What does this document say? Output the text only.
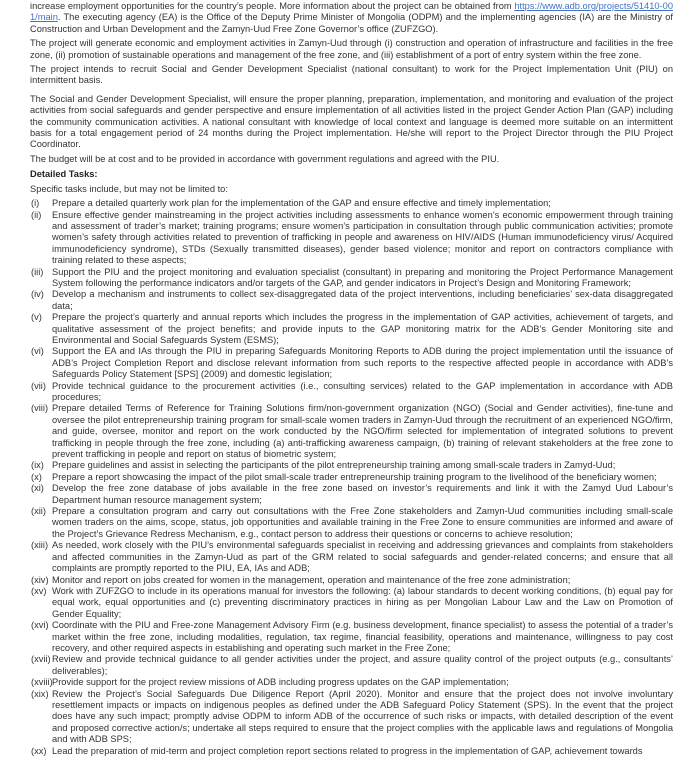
increase employment opportunities for the country’s people. More information about the project can be obtained from https://www.adb.org/projects/51410-001/main. The executing agency (EA) is the Office of the Deputy Prime Minister of Mongolia (ODPM) and the implementing agencies (IA) are the Ministry of Construction and Urban Development and the Zamyn-Uud Free Zone Governor’s office (ZUFZGO).

The project will generate economic and employment activities in Zamyn-Uud through (i) construction and operation of infrastructure and facilities in the free zone, (ii) promotion of sustainable operations and management of the free zone, and (iii) establishment of a port of entry system within the free zone.

The project intends to recruit Social and Gender Development Specialist (national consultant) to work for the Project Implementation Unit (PIU) on intermittent basis.

The Social and Gender Development Specialist, will ensure the proper planning, preparation, implementation, and monitoring and evaluation of the project activities from social safeguards and gender perspective and ensure implementation of all activities listed in the project Gender Action Plan (GAP) including the community communication activities. A national consultant with knowledge of local context and language is deemed more suitable on an intermittent basis for a total engagement period of 24 months during the Project implementation. He/she will report to the Project Director through the PIU Project Coordinator.

The budget will be at cost and to be provided in accordance with government regulations and agreed with the PIU.

Detailed Tasks:

Specific tasks include, but may not be limited to:

(i) Prepare a detailed quarterly work plan for the implementation of the GAP and ensure effective and timely implementation;
(ii) Ensure effective gender mainstreaming in the project activities including assessments to enhance women’s economic empowerment through training and assessment of trader’s market; training programs; ensure women’s participation in consultation through public communication activities; promote women’s safety through activities related to prevention of trafficking in people and awareness on HIV/AIDS (Human immunodeficiency virus/ Acquired immunodeficiency syndrome), STDs (Sexually transmitted diseases), gender based violence; monitor and report on contractors compliance with training related to these aspects;
(iii) Support the PIU and the project monitoring and evaluation specialist (consultant) in preparing and monitoring the Project Performance Management System following the performance indicators and/or targets of the GAP, and gender indicators in Project’s Design and Monitoring Framework;
(iv) Develop a mechanism and instruments to collect sex-disaggregated data of the project interventions, including beneficiaries’ sex-data disaggregated data;
(v) Prepare the project’s quarterly and annual reports which includes the progress in the implementation of GAP activities, achievement of targets, and qualitative assessment of the project benefits; and provide inputs to the GAP monitoring matrix for the ADB’s Gender Monitoring site and Environmental and Social Safeguards System (ESMS);
(vi) Support the EA and IAs through the PIU in preparing Safeguards Monitoring Reports to ADB during the project implementation until the issuance of ADB’s Project Completion Report and disclose relevant information from such reports to the respective affected people in accordance with ADB’s Safeguards Policy Statement [SPS] (2009) and domestic legislation;
(vii) Provide technical guidance to the procurement activities (i.e., consulting services) related to the GAP implementation in accordance with ADB procedures;
(viii) Prepare detailed Terms of Reference for Training Solutions firm/non-government organization (NGO) (Social and Gender activities), fine-tune and oversee the pilot entrepreneurship training program for small-scale women traders in Zamyn-Uud through the recruitment of an experienced NGO/firm, and guide, oversee, monitor and report on the work conducted by the NGO/firm selected for implementation of integrated solutions to prevent trafficking in people through the free zone, including (a) anti-trafficking awareness campaign, (b) training of relevant stakeholders at the free zone to prevent trafficking in people and report on status of biometric system;
(ix) Prepare guidelines and assist in selecting the participants of the pilot entrepreneurship training among small-scale traders in Zamyd-Uud;
(x) Prepare a report showcasing the impact of the pilot small-scale trader entrepreneurship training program to the livelihood of the beneficiary women;
(xi) Develop the free zone database of jobs available in the free zone based on investor’s requirements and link it with the Zamyd Uud Labour’s Department human resource management system;
(xii) Prepare a consultation program and carry out consultations with the Free Zone stakeholders and Zamyn-Uud communities including small-scale women traders on the aims, scope, status, job opportunities and available training in the Free Zone to ensure communities are informed and aware of the Project’s Grievance Redress Mechanism, e.g., contact person to address their questions or concerns to achieve resolution;
(xiii) As needed, work closely with the PIU’s environmental safeguards specialist in receiving and addressing grievances and complaints from stakeholders and affected communities in the Zamyn-Uud as part of the GRM related to social safeguards and gender-related concerns; and ensure that all complaints are promptly reported to the PIU, EA, IAs and ADB;
(xiv) Monitor and report on jobs created for women in the management, operation and maintenance of the free zone administration;
(xv) Work with ZUFZGO to include in its operations manual for investors the following: (a) labour standards to decent working conditions, (b) equal pay for equal work, equal opportunities and (c) preventing discriminatory practices in hiring as per Mongolian Labour Law and the Law on Promotion of Gender Equality;
(xvi) Coordinate with the PIU and Free-zone Management Advisory Firm (e.g. business development, finance specialist) to assess the potential of a trader’s market within the free zone, including modalities, regulation, tax regime, financial feasibility, operations and maintenance, willingness to pay cost recovery, and other required aspects in establishing and operating such market in the Free Zone;
(xvii) Review and provide technical guidance to all gender activities under the project, and assure quality control of the project outputs (e.g., consultants’ deliverables);
(xviii) Provide support for the project review missions of ADB including progress updates on the GAP implementation;
(xix) Review the Project’s Social Safeguards Due Diligence Report (April 2020). Monitor and ensure that the project does not involve involuntary resettlement impacts or impacts on indigenous peoples as defined under the ADB Safeguard Policy Statement (SPS). In the event that the project does have any such impact; promptly advise ODPM to inform ADB of the occurrence of such risks or impacts, with detailed description of the event and proposed corrective action/s; undertake all steps required to ensure that the project complies with the applicable laws and regulations of Mongolia and with ADB SPS;
(xx) Lead the preparation of mid-term and project completion report sections related to progress in the implementation of GAP, achievement towards
